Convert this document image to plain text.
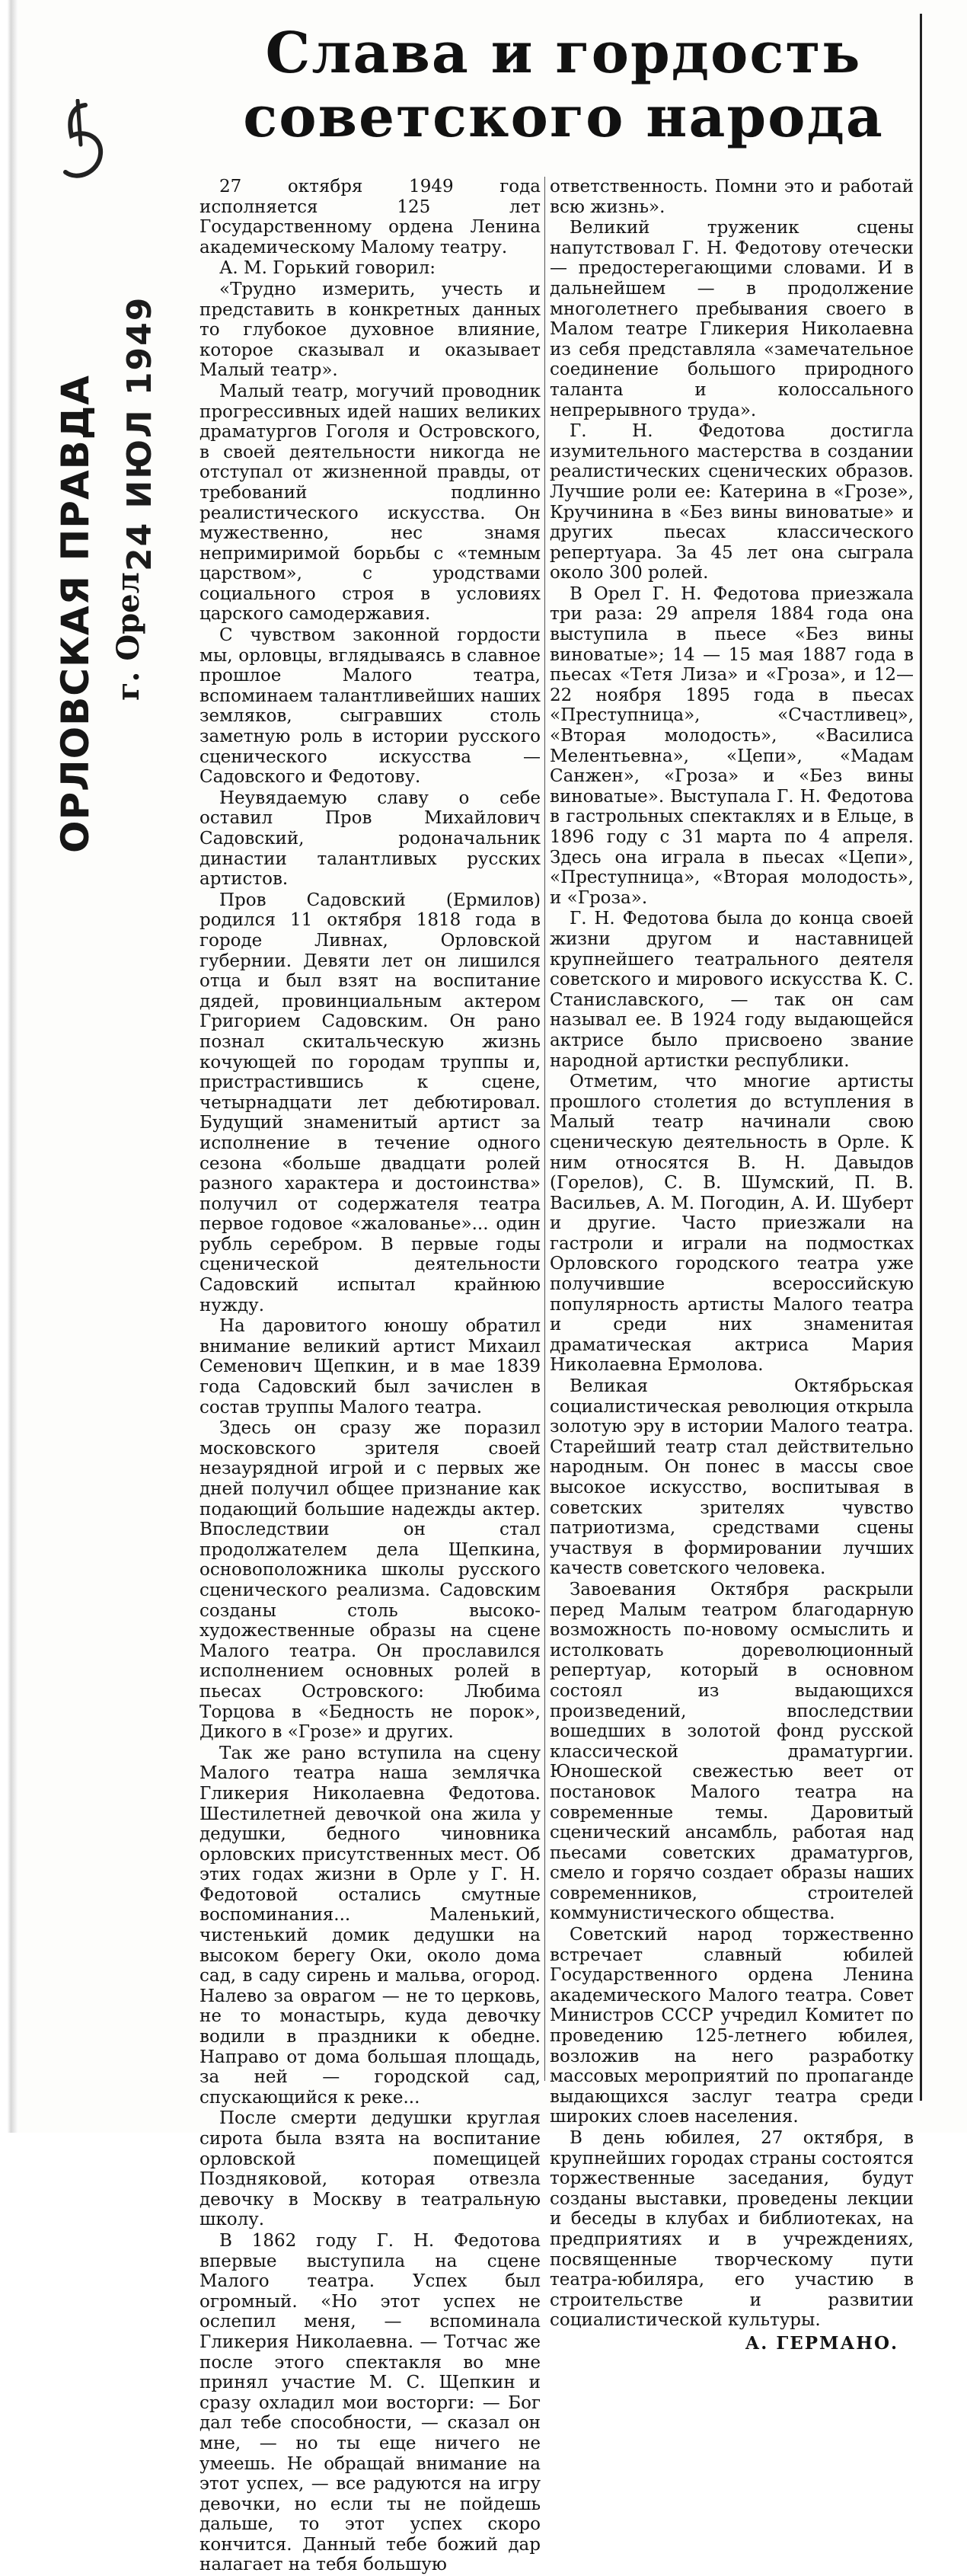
Слава и гордость
советского народа
5
ОРЛОВСКАЯ ПРАВДА г. Орел
24 ИЮЛ 1949

27 октября 1949 года исполняется 125 лет Государственному ордена Ленина академическому Малому театру.

А. М. Горький говорил:

«Трудно измерить, учесть и представить в конкретных данных то глубокое духовное влияние, которое сказывал и оказывает Малый театр».

Малый театр, могучий проводник прогрессивных идей наших великих драматургов Гоголя и Островского, в своей деятельности никогда не отступал от жизненной правды, от требований подлинно реалистического искусства. Он мужественно, нес знамя непримиримой борьбы с «темным царством», с уродствами социального строя в условиях царского самодержавия.

С чувством законной гордости мы, орловцы, вглядываясь в славное прошлое Малого театра, вспоминаем талантливейших наших земляков, сыгравших столь заметную роль в истории русского сценического искусства — Садовского и Федотову.

Неувядаемую славу о себе оставил Пров Михайлович Садовский, родоначальник династии талантливых русских артистов.

Пров Садовский (Ермилов) родился 11 октября 1818 года в городе Ливнах, Орловской губернии. Девяти лет он лишился отца и был взят на воспитание дядей, провинциальным актером Григорием Садовским. Он рано познал скитальческую жизнь кочующей по городам труппы и, пристрастившись к сцене, четырнадцати лет дебютировал. Будущий знаменитый артист за исполнение в течение одного сезона «больше двадцати ролей разного характера и достоинства» получил от содержателя театра первое годовое «жалованье»... один рубль серебром. В первые годы сценической деятельности Садовский испытал крайнюю нужду.

На даровитого юношу обратил внимание великий артист Михаил Семенович Щепкин, и в мае 1839 года Садовский был зачислен в состав труппы Малого театра.

Здесь он сразу же поразил московского зрителя своей незаурядной игрой и с первых же дней получил общее признание как подающий большие надежды актер. Впоследствии он стал продолжателем дела Щепкина, основоположника школы русского сценического реализма. Садовским созданы столь высоко-художественные образы на сцене Малого театра. Он прославился исполнением основных ролей в пьесах Островского: Любима Торцова в «Бедность не порок», Дикого в «Грозе» и других.

Так же рано вступила на сцену Малого театра наша землячка Гликерия Николаевна Федотова. Шестилетней девочкой она жила у дедушки, бедного чиновника орловских присутственных мест. Об этих годах жизни в Орле у Г. Н. Федотовой остались смутные воспоминания... Маленький, чистенький домик дедушки на высоком берегу Оки, около дома сад, в саду сирень и мальва, огород. Налево за оврагом — не то церковь, не то монастырь, куда девочку водили в праздники к обедне. Направо от дома большая площадь, за ней — городской сад, спускающийся к реке...

После смерти дедушки круглая сирота была взята на воспитание орловской помещицей Поздняковой, которая отвезла девочку в Москву в театральную школу.

В 1862 году Г. Н. Федотова впервые выступила на сцене Малого театра. Успех был огромный. «Но этот успех не ослепил меня, — вспоминала Гликерия Николаевна. — Тотчас же после этого спектакля во мне принял участие М. С. Щепкин и сразу охладил мои восторги: — Бог дал тебе способности, — сказал он мне, — но ты еще ничего не умеешь. Не обращай внимание на этот успех, — все радуются на игру девочки, но если ты не пойдешь дальше, то этот успех скоро кончится. Данный тебе божий дар налагает на тебя большую

ответственность. Помни это и работай всю жизнь».

Великий труженик сцены напутствовал Г. Н. Федотову отечески — предостерегающими словами. И в дальнейшем — в продолжение многолетнего пребывания своего в Малом театре Гликерия Николаевна из себя представляла «замечательное соединение большого природного таланта и колоссального непрерывного труда».

Г. Н. Федотова достигла изумительного мастерства в создании реалистических сценических образов. Лучшие роли ее: Катерина в «Грозе», Кручинина в «Без вины виноватые» и других пьесах классического репертуара. За 45 лет она сыграла около 300 ролей.

В Орел Г. Н. Федотова приезжала три раза: 29 апреля 1884 года она выступила в пьесе «Без вины виноватые»; 14 — 15 мая 1887 года в пьесах «Тетя Лиза» и «Гроза», и 12—22 ноября 1895 года в пьесах «Преступница», «Счастливец», «Вторая молодость», «Василиса Мелентьевна», «Цепи», «Мадам Санжен», «Гроза» и «Без вины виноватые». Выступала Г. Н. Федотова в гастрольных спектаклях и в Ельце, в 1896 году с 31 марта по 4 апреля. Здесь она играла в пьесах «Цепи», «Преступница», «Вторая молодость», и «Гроза».

Г. Н. Федотова была до конца своей жизни другом и наставницей крупнейшего театрального деятеля советского и мирового искусства К. С. Станиславского, — так он сам называл ее. В 1924 году выдающейся актрисе было присвоено звание народной артистки республики.

Отметим, что многие артисты прошлого столетия до вступления в Малый театр начинали свою сценическую деятельность в Орле. К ним относятся В. Н. Давыдов (Горелов), С. В. Шумский, П. В. Васильев, А. М. Погодин, А. И. Шуберт и другие. Часто приезжали на гастроли и играли на подмостках Орловского городского театра уже получившие всероссийскую популярность артисты Малого театра и среди них знаменитая драматическая актриса Мария Николаевна Ермолова.

Великая Октябрьская социалистическая революция открыла золотую эру в истории Малого театра. Старейший театр стал действительно народным. Он понес в массы свое высокое искусство, воспитывая в советских зрителях чувство патриотизма, средствами сцены участвуя в формировании лучших качеств советского человека.

Завоевания Октября раскрыли перед Малым театром благодарную возможность по-новому осмыслить и истолковать дореволюционный репертуар, который в основном состоял из выдающихся произведений, впоследствии вошедших в золотой фонд русской классической драматургии. Юношеской свежестью веет от постановок Малого театра на современные темы. Даровитый сценический ансамбль, работая над пьесами советских драматургов, смело и горячо создает образы наших современников, строителей коммунистического общества.

Советский народ торжественно встречает славный юбилей Государственного ордена Ленина академического Малого театра. Совет Министров СССР учредил Комитет по проведению 125-летнего юбилея, возложив на него разработку массовых мероприятий по пропаганде выдающихся заслуг театра среди широких слоев населения.

В день юбилея, 27 октября, в крупнейших городах страны состоятся торжественные заседания, будут созданы выставки, проведены лекции и беседы в клубах и библиотеках, на предприятиях и в учреждениях, посвященные творческому пути театра-юбиляра, его участию в строительстве и развитии социалистической культуры.

А. ГЕРМАНО.
